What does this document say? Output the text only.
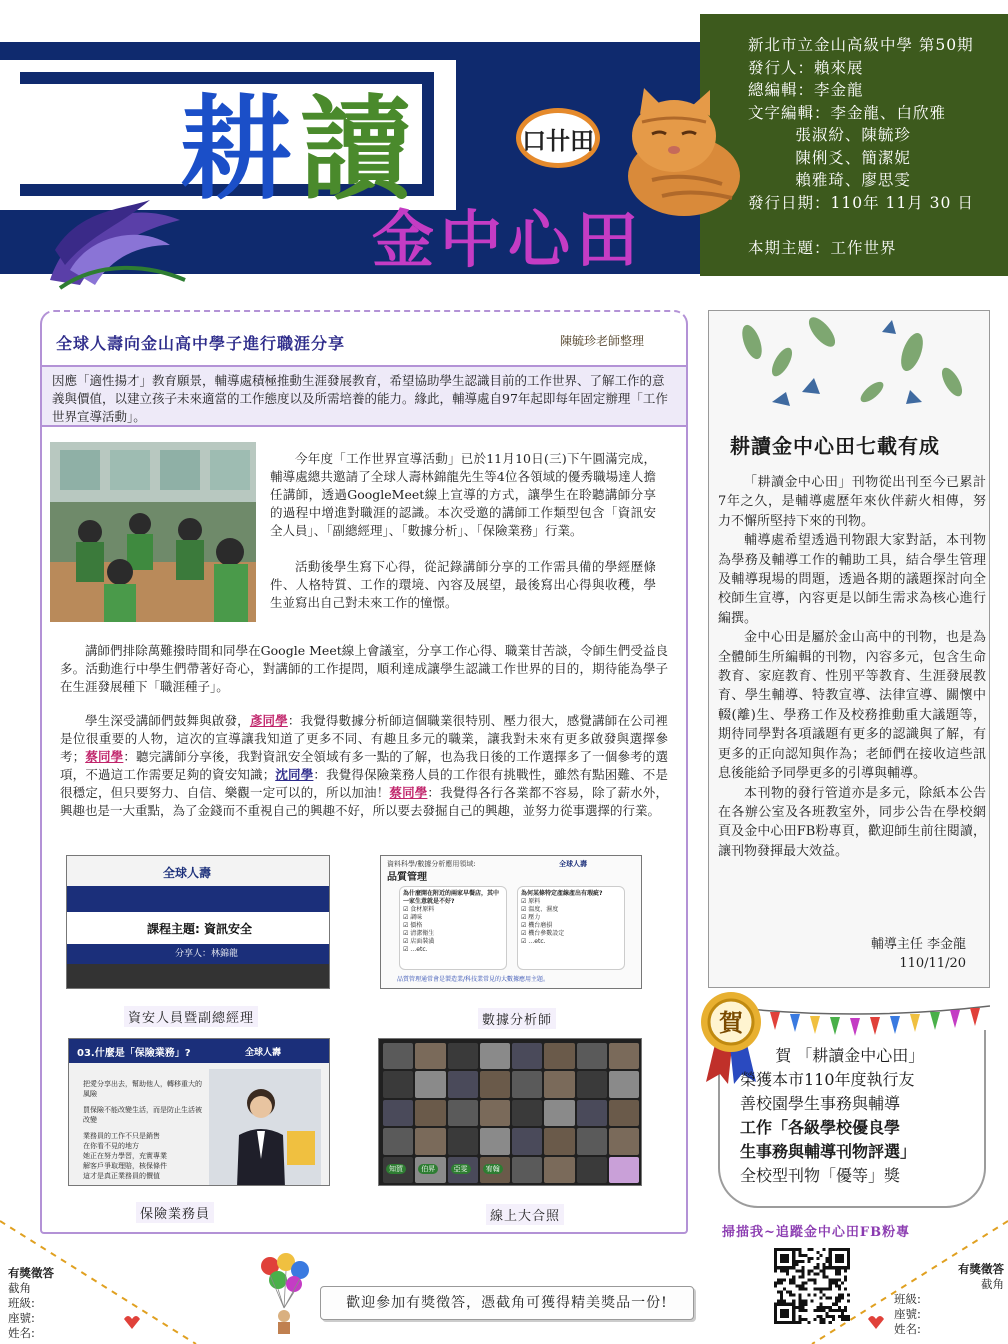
耕 讀
金中心田
口卄田
新北市立金山高級中學 第50期
發行人：賴來展
總編輯：李金龍
文字編輯：李金龍、白欣雅
張淑紛、陳毓珍
陳俐爻、簡潔妮
賴雅琦、廖思雯
發行日期：110年 11月 30 日

本期主題：工作世界
全球人壽向金山高中學子進行職涯分享	陳毓珍老師整理
因應「適性揚才」教育願景，輔導處積極推動生涯發展教育，希望協助學生認識目前的工作世界、了解工作的意義與價值，以建立孩子未來適當的工作態度以及所需培養的能力。緣此，輔導處自97年起即每年固定辦理「工作世界宣導活動」。
今年度「工作世界宣導活動」已於11月10日(三)下午圓滿完成，輔導處總共邀請了全球人壽林錦龍先生等4位各領域的優秀職場達人擔任講師，透過GoogleMeet線上宣導的方式，讓學生在聆聽講師分享的過程中增進對職涯的認識。本次受邀的講師工作類型包含「資訊安全人員」、「副總經理」、「數據分析」、「保險業務」行業。
活動後學生寫下心得，從記錄講師分享的工作需具備的學經歷條件、人格特質、工作的環境、內容及展望，最後寫出心得與收穫，學生並寫出自己對未來工作的憧憬。
講師們排除萬難撥時間和同學在Google Meet線上會議室，分享工作心得、職業甘苦談，令師生們受益良多。活動進行中學生們帶著好奇心，對講師的工作提問，順利達成讓學生認識工作世界的目的，期待能為學子在生涯發展種下「職涯種子」。
學生深受講師們鼓舞與啟發，彥同學：我覺得數據分析師這個職業很特別、壓力很大，感覺講師在公司裡是位很重要的人物，這次的宣導讓我知道了更多不同、有趣且多元的職業，讓我對未來有更多啟發與選擇參考；蔡同學：聽完講師分享後，我對資訊安全領域有多一點的了解，也為我日後的工作選擇多了一個參考的選項，不過這工作需要足夠的資安知識；沈同學：我覺得保險業務人員的工作很有挑戰性，雖然有點困難、不是很穩定，但只要努力、自信、樂觀一定可以的，所以加油！蔡同學：我覺得各行各業都不容易，除了薪水外，興趣也是一大重點，為了金錢而不重視自己的興趣不好，所以要去發掘自己的興趣，並努力從事選擇的行業。
全球人壽
課程主題: 資訊安全
分享人：林錦龍
資安人員暨副總經理
資料科學/數據分析應用領域:
品質管理
全球人壽
為什麼開在附近的兩家早餐店，其中一家生意就是不好?
☑ 食材原料
☑ 調味
☑ 價格
☑ 清潔衛生
☑ 店面裝潢
☑ …etc.
為何某條特定產線產出有瑕疵?
☑ 原料
☑ 溫度、濕度
☑ 壓力
☑ 機台磨損
☑ 機台參數設定
☑ …etc.
品質管理通常會是製造業/科技業常見的大數據應用主題。
數據分析師
03.什麼是「保險業務」?	全球人壽
把愛分享出去，幫助他人，轉移重大的風險
買保險不能改變生活，而是防止生活被改變
業務員的工作不只是銷售
在你看不見的地方
她正在努力學習，充實專業
解客戶爭取理賠，核保條件
這才是真正業務員的價值
保險業務員
知賀	伯昇	亞雯	宥翰
線上大合照
耕讀金中心田七載有成

「耕讀金中心田」刊物從出刊至今已累計7年之久，是輔導處歷年來伙伴薪火相傳，努力不懈所堅持下來的刊物。

輔導處希望透過刊物跟大家對話，本刊物為學務及輔導工作的輔助工具，結合學生管理及輔導現場的問題，透過各期的議題探討向全校師生宣導，內容更是以師生需求為核心進行編撰。

金中心田是屬於金山高中的刊物，也是為全體師生所編輯的刊物，內容多元，包含生命教育、家庭教育、性別平等教育、生涯發展教育、學生輔導、特教宣導、法律宣導、關懷中輟(離)生、學務工作及校務推動重大議題等，期待同學對各項議題有更多的認識與了解，有更多的正向認知與作為；老師們在接收這些訊息後能給予同學更多的引導與輔導。

本刊物的發行管道亦是多元，除紙本公告在各辦公室及各班教室外，同步公告在學校網頁及金中心田FB粉專頁，歡迎師生前往閱讀，讓刊物發揮最大效益。

輔導主任 李金龍
110/11/20
賀
賀 「耕讀金中心田」
榮獲本市110年度執行友
善校園學生事務與輔導
工作「各級學校優良學
生事務與輔導刊物評選」
全校型刊物「優等」獎
掃描我~追蹤金中心田FB粉專
有獎徵答
截角
班級:
座號:
姓名:
有獎徵答
截角
班級:
座號:
姓名:
歡迎參加有獎徵答，憑截角可獲得精美獎品一份!
